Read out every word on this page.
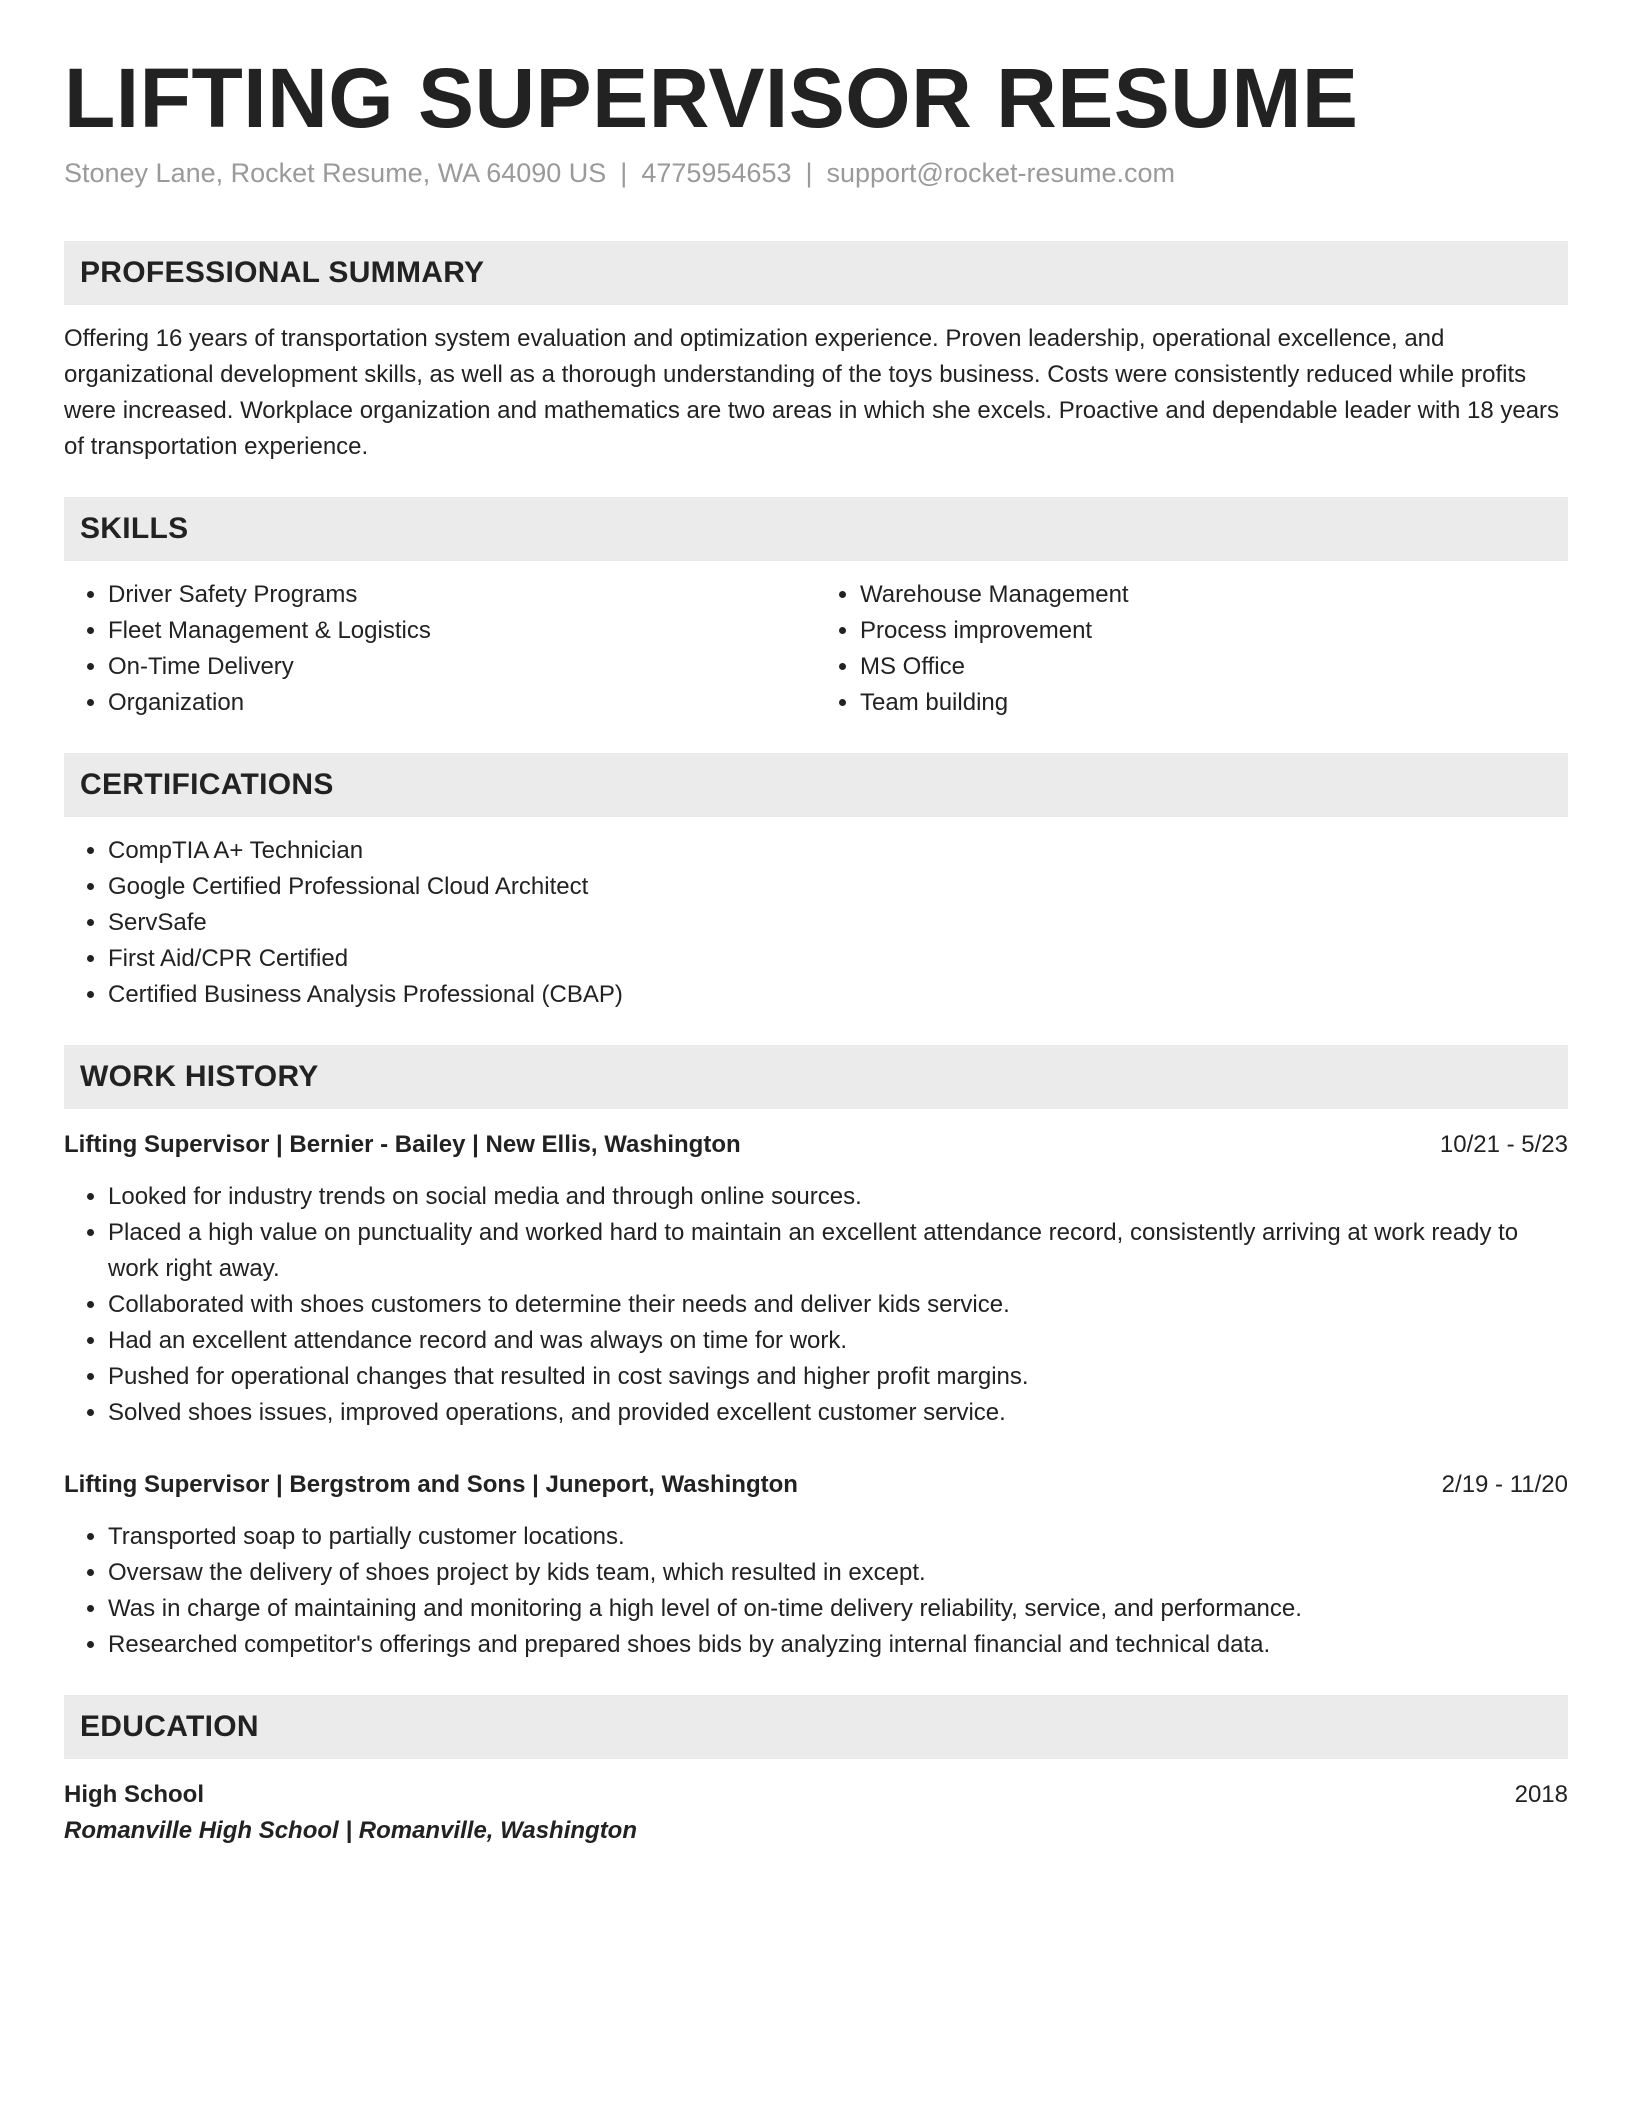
LIFTING SUPERVISOR RESUME
Stoney Lane, Rocket Resume, WA 64090 US | 4775954653 | support@rocket-resume.com
PROFESSIONAL SUMMARY

Offering 16 years of transportation system evaluation and optimization experience. Proven leadership, operational excellence, and organizational development skills, as well as a thorough understanding of the toys business. Costs were consistently reduced while profits were increased. Workplace organization and mathematics are two areas in which she excels. Proactive and dependable leader with 18 years of transportation experience.

SKILLS
• Driver Safety Programs
• Fleet Management & Logistics
• On-Time Delivery
• Organization
• Warehouse Management
• Process improvement
• MS Office
• Team building
CERTIFICATIONS
• CompTIA A+ Technician
• Google Certified Professional Cloud Architect
• ServSafe
• First Aid/CPR Certified
• Certified Business Analysis Professional (CBAP)
WORK HISTORY
Lifting Supervisor | Bernier - Bailey | New Ellis, Washington	10/21 - 5/23
• Looked for industry trends on social media and through online sources.
• Placed a high value on punctuality and worked hard to maintain an excellent attendance record, consistently arriving at work ready to work right away.
• Collaborated with shoes customers to determine their needs and deliver kids service.
• Had an excellent attendance record and was always on time for work.
• Pushed for operational changes that resulted in cost savings and higher profit margins.
• Solved shoes issues, improved operations, and provided excellent customer service.
Lifting Supervisor | Bergstrom and Sons | Juneport, Washington	2/19 - 11/20
• Transported soap to partially customer locations.
• Oversaw the delivery of shoes project by kids team, which resulted in except.
• Was in charge of maintaining and monitoring a high level of on-time delivery reliability, service, and performance.
• Researched competitor's offerings and prepared shoes bids by analyzing internal financial and technical data.
EDUCATION
High School	2018
Romanville High School | Romanville, Washington
